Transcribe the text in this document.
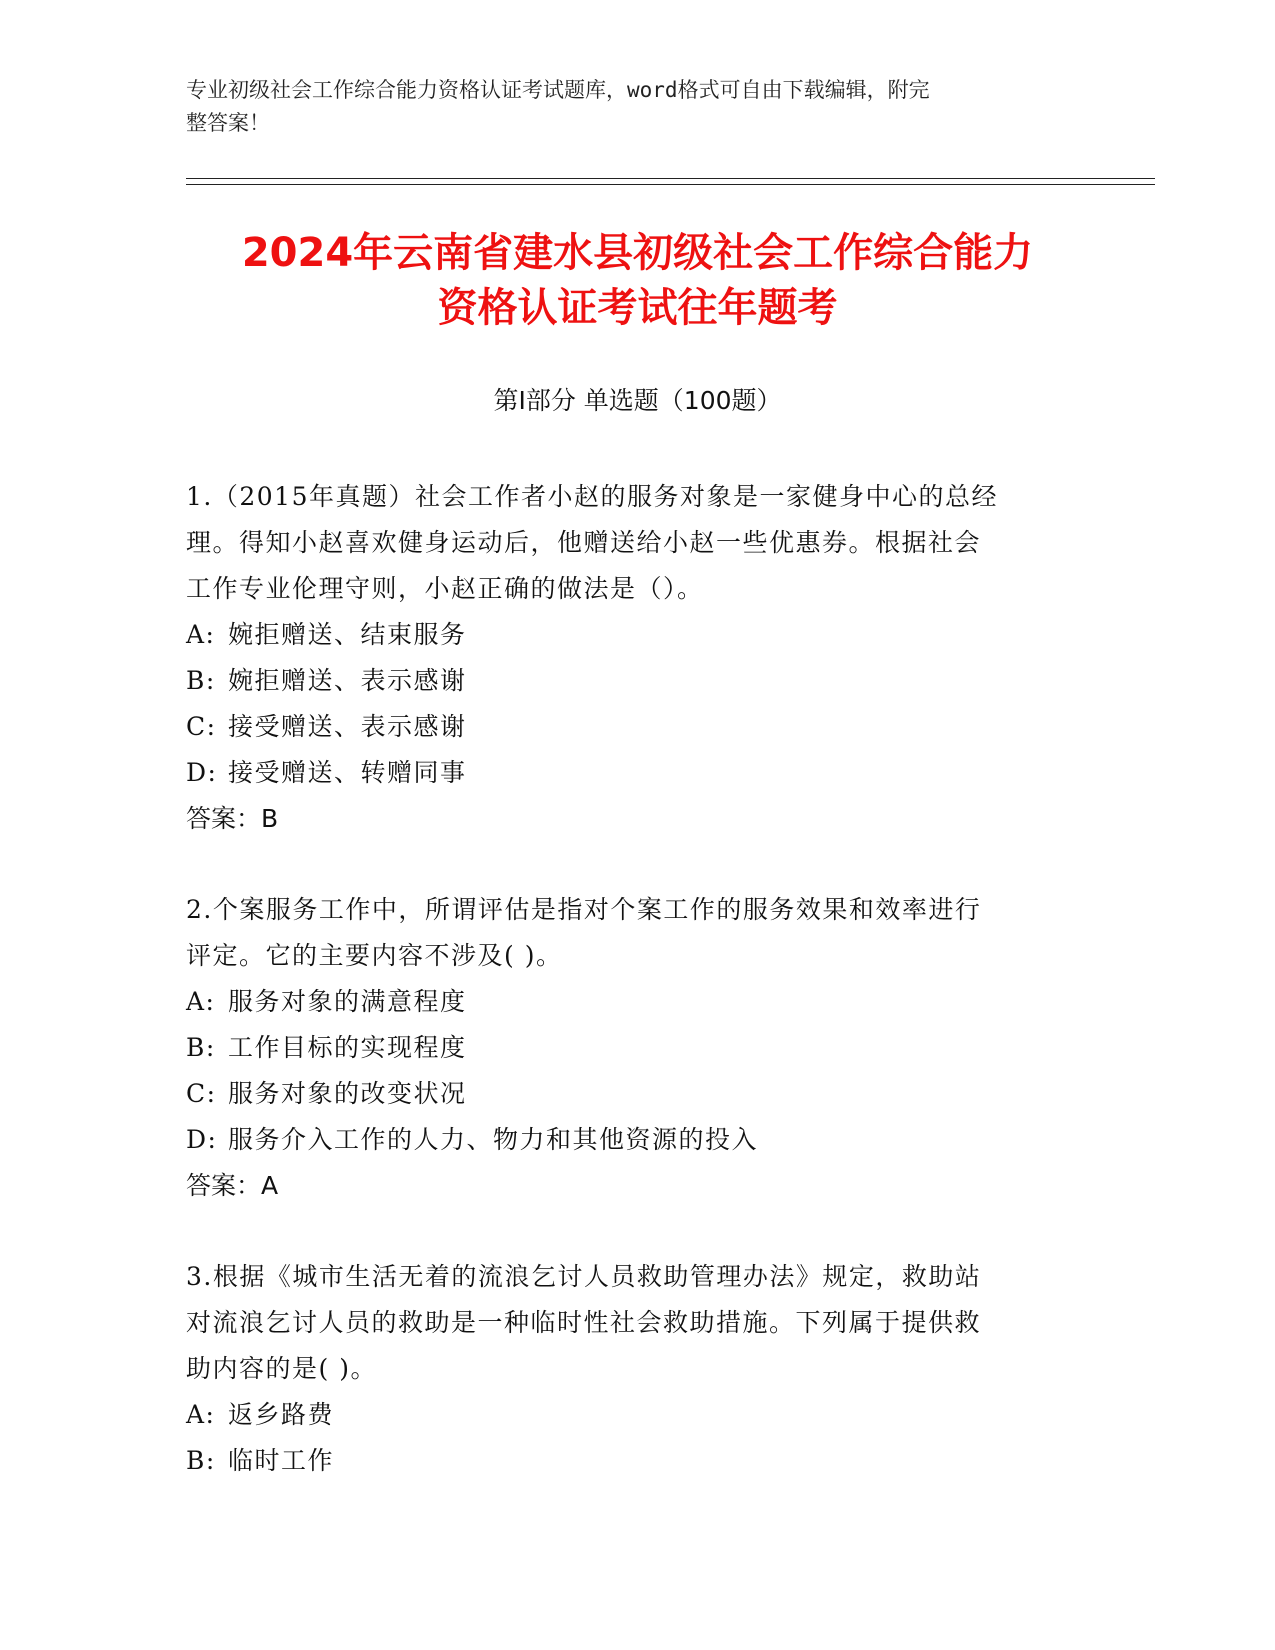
专业初级社会工作综合能力资格认证考试题库，word格式可自由下载编辑，附完
整答案！
2024年云南省建水县初级社会工作综合能力
资格认证考试往年题考
第Ⅰ部分 单选题（100题）
1.（2015年真题）社会工作者小赵的服务对象是一家健身中心的总经
理。得知小赵喜欢健身运动后，他赠送给小赵一些优惠券。根据社会
工作专业伦理守则，小赵正确的做法是（）。
A: 婉拒赠送、结束服务
B: 婉拒赠送、表示感谢
C: 接受赠送、表示感谢
D: 接受赠送、转赠同事
答案：B
2.个案服务工作中，所谓评估是指对个案工作的服务效果和效率进行
评定。它的主要内容不涉及( )。
A: 服务对象的满意程度
B: 工作目标的实现程度
C: 服务对象的改变状况
D: 服务介入工作的人力、物力和其他资源的投入
答案：A
3.根据《城市生活无着的流浪乞讨人员救助管理办法》规定，救助站
对流浪乞讨人员的救助是一种临时性社会救助措施。下列属于提供救
助内容的是( )。
A: 返乡路费
B: 临时工作
